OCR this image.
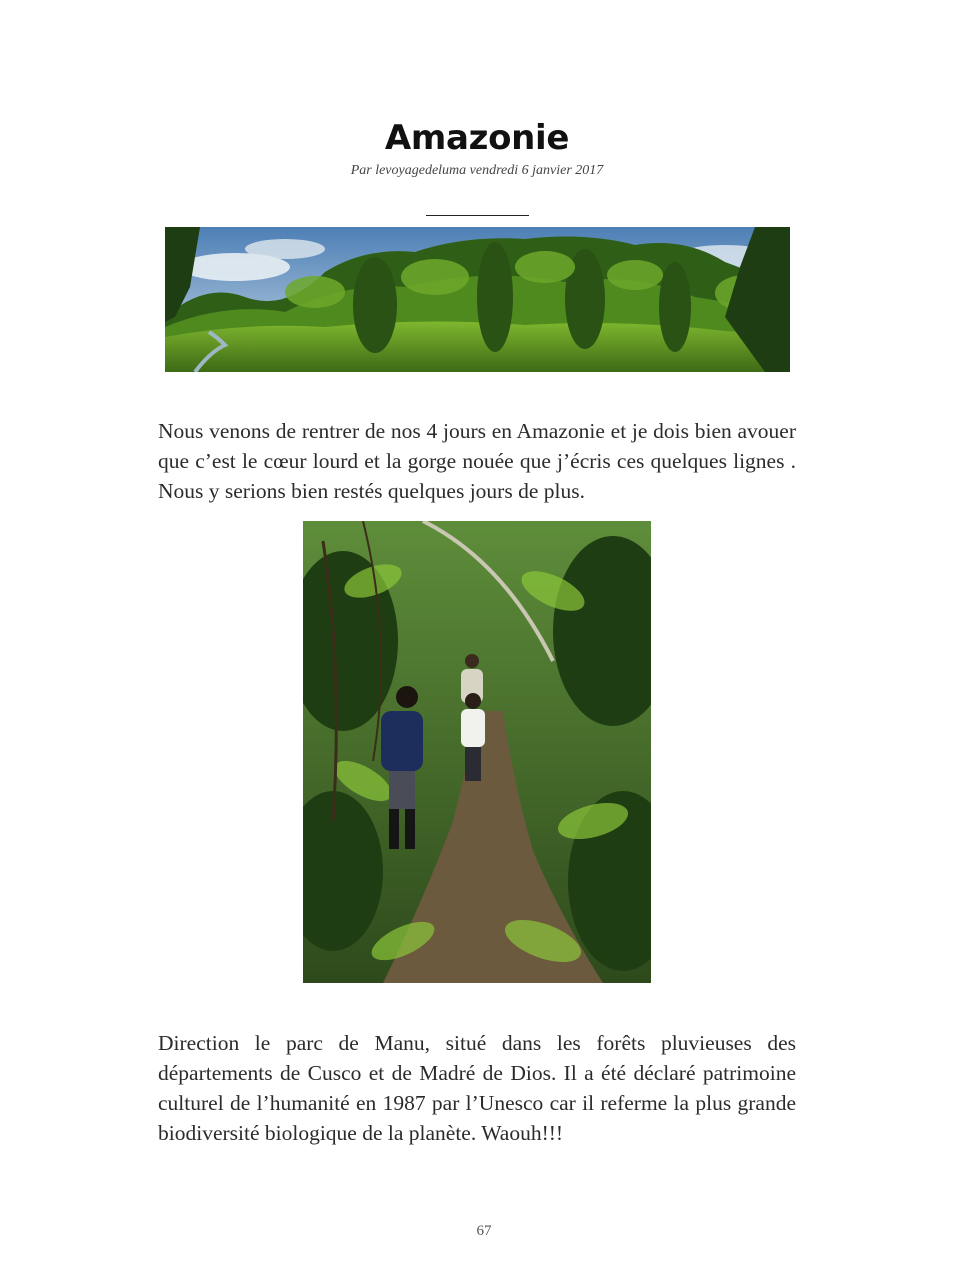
Amazonie
Par levoyagedeluma vendredi 6 janvier 2017

Nous venons de rentrer de nos 4 jours en Amazonie et je dois bien avouer que c’est le cœur lourd et la gorge nouée que j’écris ces quelques lignes . Nous y serions bien restés quelques jours de plus.

Direction le parc de Manu, situé dans les forêts pluvieuses des départements de Cusco et de Madré de Dios. Il a été déclaré patrimoine culturel de l’humanité en 1987 par l’Unesco car il referme la plus grande biodiversité biologique de la planète. Waouh!!!

67
